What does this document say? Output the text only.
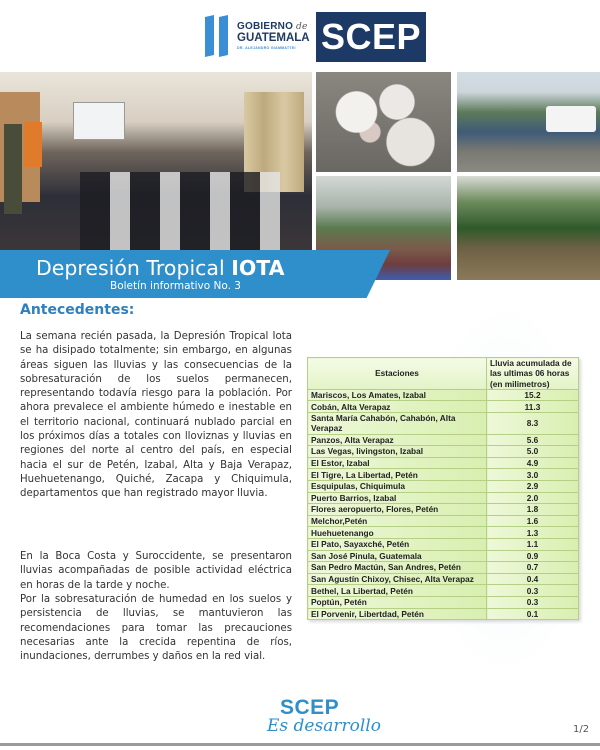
GOBIERNO de
GUATEMALA
DR. ALEJANDRO GIAMMATTEI SCEP
Depresión Tropical IOTA
Boletín informativo No. 3
Antecedentes:
La semana recién pasada, la Depresión Tropical Iota se ha disipado totalmente; sin embargo, en algunas áreas siguen las lluvias y las consecuencias de la sobresaturación de los suelos permanecen, representando todavía riesgo para la población. Por ahora prevalece el ambiente húmedo e inestable en el territorio nacional, continuará nublado parcial en los próximos días a totales con lloviznas y lluvias en regiones del norte al centro del país, en especial hacia el sur de Petén, Izabal, Alta y Baja Verapaz, Huehuetenango, Quiché, Zacapa y Chiquimula, departamentos que han registrado mayor lluvia.
En la Boca Costa y Suroccidente, se presentaron lluvias acompañadas de posible actividad eléctrica en horas de la tarde y noche.
Por la sobresaturación de humedad en los suelos y persistencia de lluvias, se mantuvieron las recomendaciones para tomar las precauciones necesarias ante la crecida repentina de ríos, inundaciones, derrumbes y daños en la red vial.
Estaciones	Lluvia acumulada de las ultimas 06 horas (en milimetros)
Mariscos, Los Amates, Izabal	15.2
Cobán, Alta Verapaz	11.3
Santa María Cahabón, Cahabón, Alta Verapaz	8.3
Panzos, Alta Verapaz	5.6
Las Vegas, livingston, Izabal	5.0
El Estor, Izabal	4.9
El Tigre, La Libertad, Petén	3.0
Esquipulas, Chiquimula	2.9
Puerto Barrios, Izabal	2.0
Flores aeropuerto, Flores, Petén	1.8
Melchor,Petén	1.6
Huehuetenango	1.3
El Pato, Sayaxché, Petén	1.1
San José Pinula, Guatemala	0.9
San Pedro Mactún, San Andres, Petén	0.7
San Agustín Chixoy, Chisec, Alta Verapaz	0.4
Bethel, La Libertad, Petén	0.3
Poptún, Petén	0.3
El Porvenir, Libertdad, Petén	0.1
SCEP
Es desarrollo	1/2
